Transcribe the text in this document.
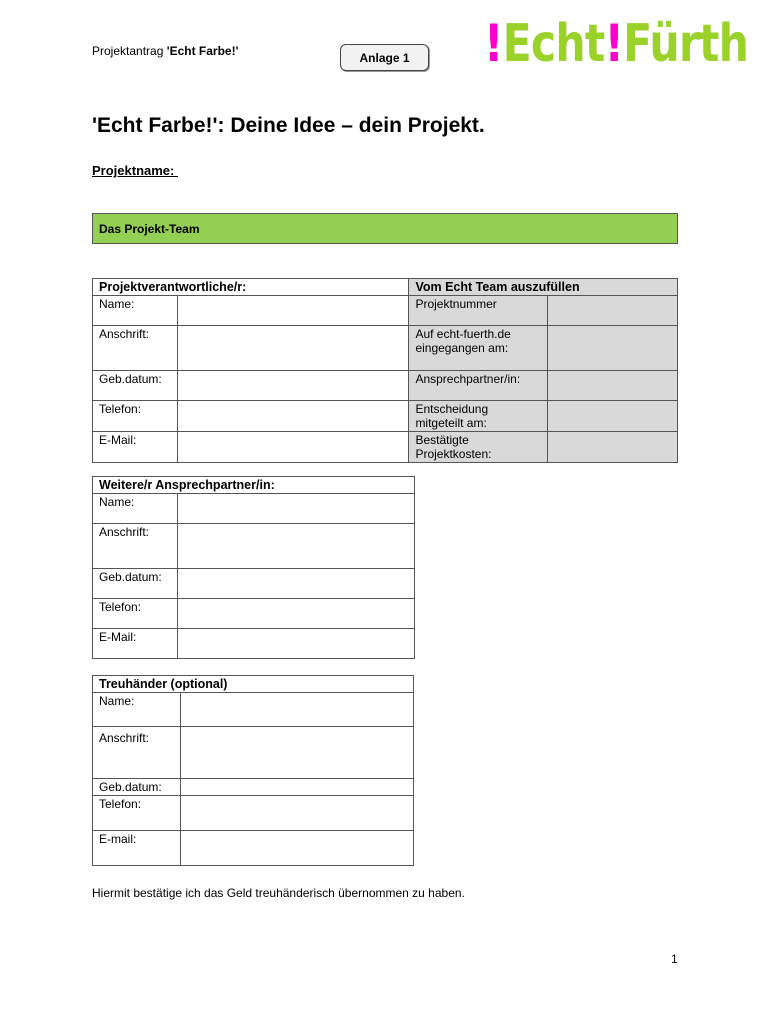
Projektantrag 'Echt Farbe!'	Anlage 1 !Echt!Fürth
'Echt Farbe!': Deine Idee – dein Projekt.
Projektname:
Das Projekt-Team
Projektverantwortliche/r:		Vom Echt Team auszufüllen	
Name:		Projektnummer	
Anschrift:		Auf echt-fuerth.de eingegangen am:	
Geb.datum:		Ansprechpartner/in:	
Telefon:		Entscheidung mitgeteilt am:	
E-Mail:		Bestätigte Projektkosten:	
Weitere/r Ansprechpartner/in:	
Name:	
Anschrift:	
Geb.datum:	
Telefon:	
E-Mail:	
Treuhänder (optional)	
Name:	
Anschrift:	
Geb.datum:	
Telefon:	
E-mail:	
Hiermit bestätige ich das Geld treuhänderisch übernommen zu haben.
1
